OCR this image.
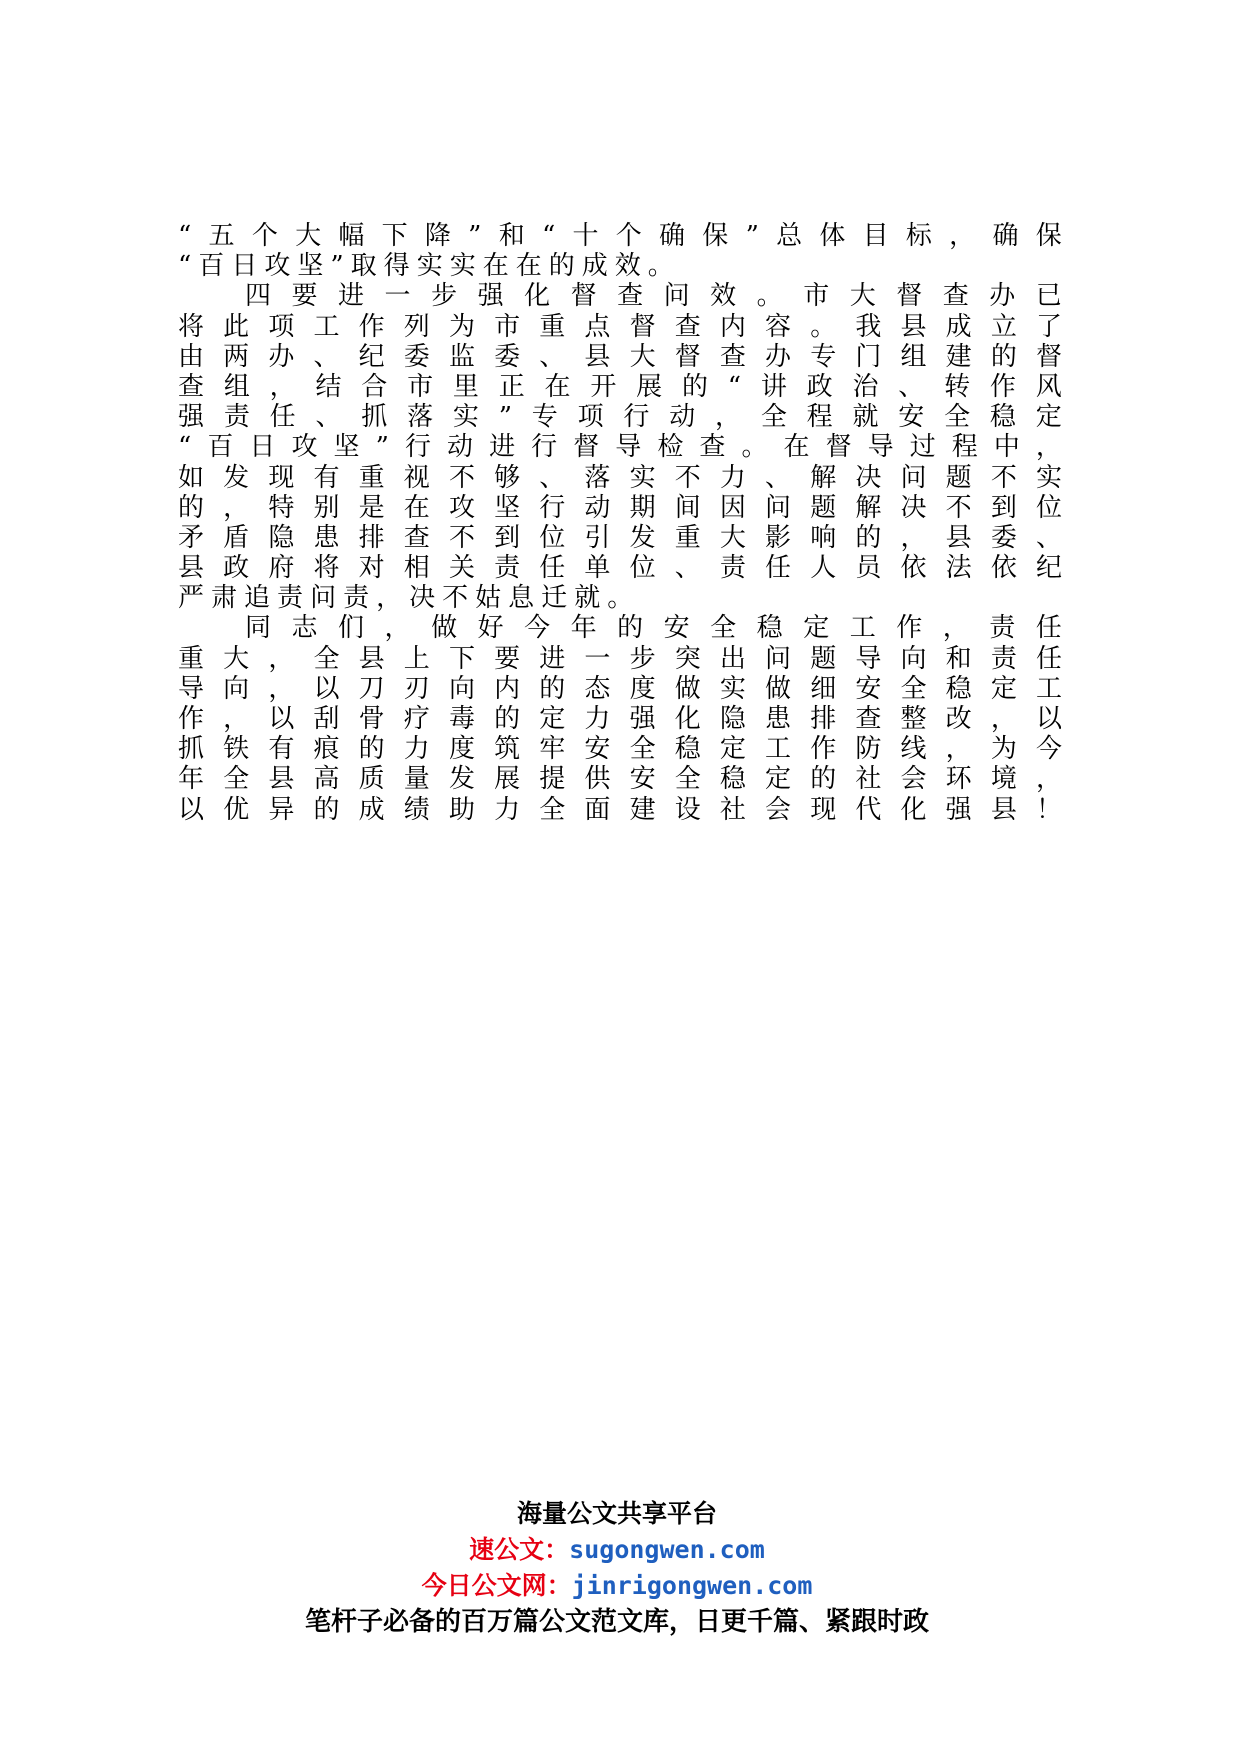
“ 五 个 大 幅 下 降 ” 和 “ 十 个 确 保 ” 总 体 目 标 ， 确 保
“ 百 日 攻 坚 ” 取 得 实 实 在 在 的 成 效 。
四 要 进 一 步 强 化 督 查 问 效 。 市 大 督 查 办 已
将 此 项 工 作 列 为 市 重 点 督 查 内 容 。 我 县 成 立 了
由 两 办 、 纪 委 监 委 、 县 大 督 查 办 专 门 组 建 的 督
查 组 ， 结 合 市 里 正 在 开 展 的 “ 讲 政 治 、 转 作 风
强 责 任 、 抓 落 实 ” 专 项 行 动 ， 全 程 就 安 全 稳 定
“ 百 日 攻 坚 ” 行 动 进 行 督 导 检 查 。 在 督 导 过 程 中 ，
如 发 现 有 重 视 不 够 、 落 实 不 力 、 解 决 问 题 不 实
的 ， 特 别 是 在 攻 坚 行 动 期 间 因 问 题 解 决 不 到 位
矛 盾 隐 患 排 查 不 到 位 引 发 重 大 影 响 的 ， 县 委 、
县 政 府 将 对 相 关 责 任 单 位 、 责 任 人 员 依 法 依 纪
严 肃 追 责 问 责 ， 决 不 姑 息 迁 就 。
同 志 们 ， 做 好 今 年 的 安 全 稳 定 工 作 ， 责 任
重 大 ， 全 县 上 下 要 进 一 步 突 出 问 题 导 向 和 责 任
导 向 ， 以 刀 刃 向 内 的 态 度 做 实 做 细 安 全 稳 定 工
作 ， 以 刮 骨 疗 毒 的 定 力 强 化 隐 患 排 查 整 改 ， 以
抓 铁 有 痕 的 力 度 筑 牢 安 全 稳 定 工 作 防 线 ， 为 今
年 全 县 高 质 量 发 展 提 供 安 全 稳 定 的 社 会 环 境 ，
以 优 异 的 成 绩 助 力 全 面 建 设 社 会 现 代 化 强 县 ！
海量公文共享平台
速公文：sugongwen.com
今日公文网：jinrigongwen.com
笔杆子必备的百万篇公文范文库，日更千篇、紧跟时政
